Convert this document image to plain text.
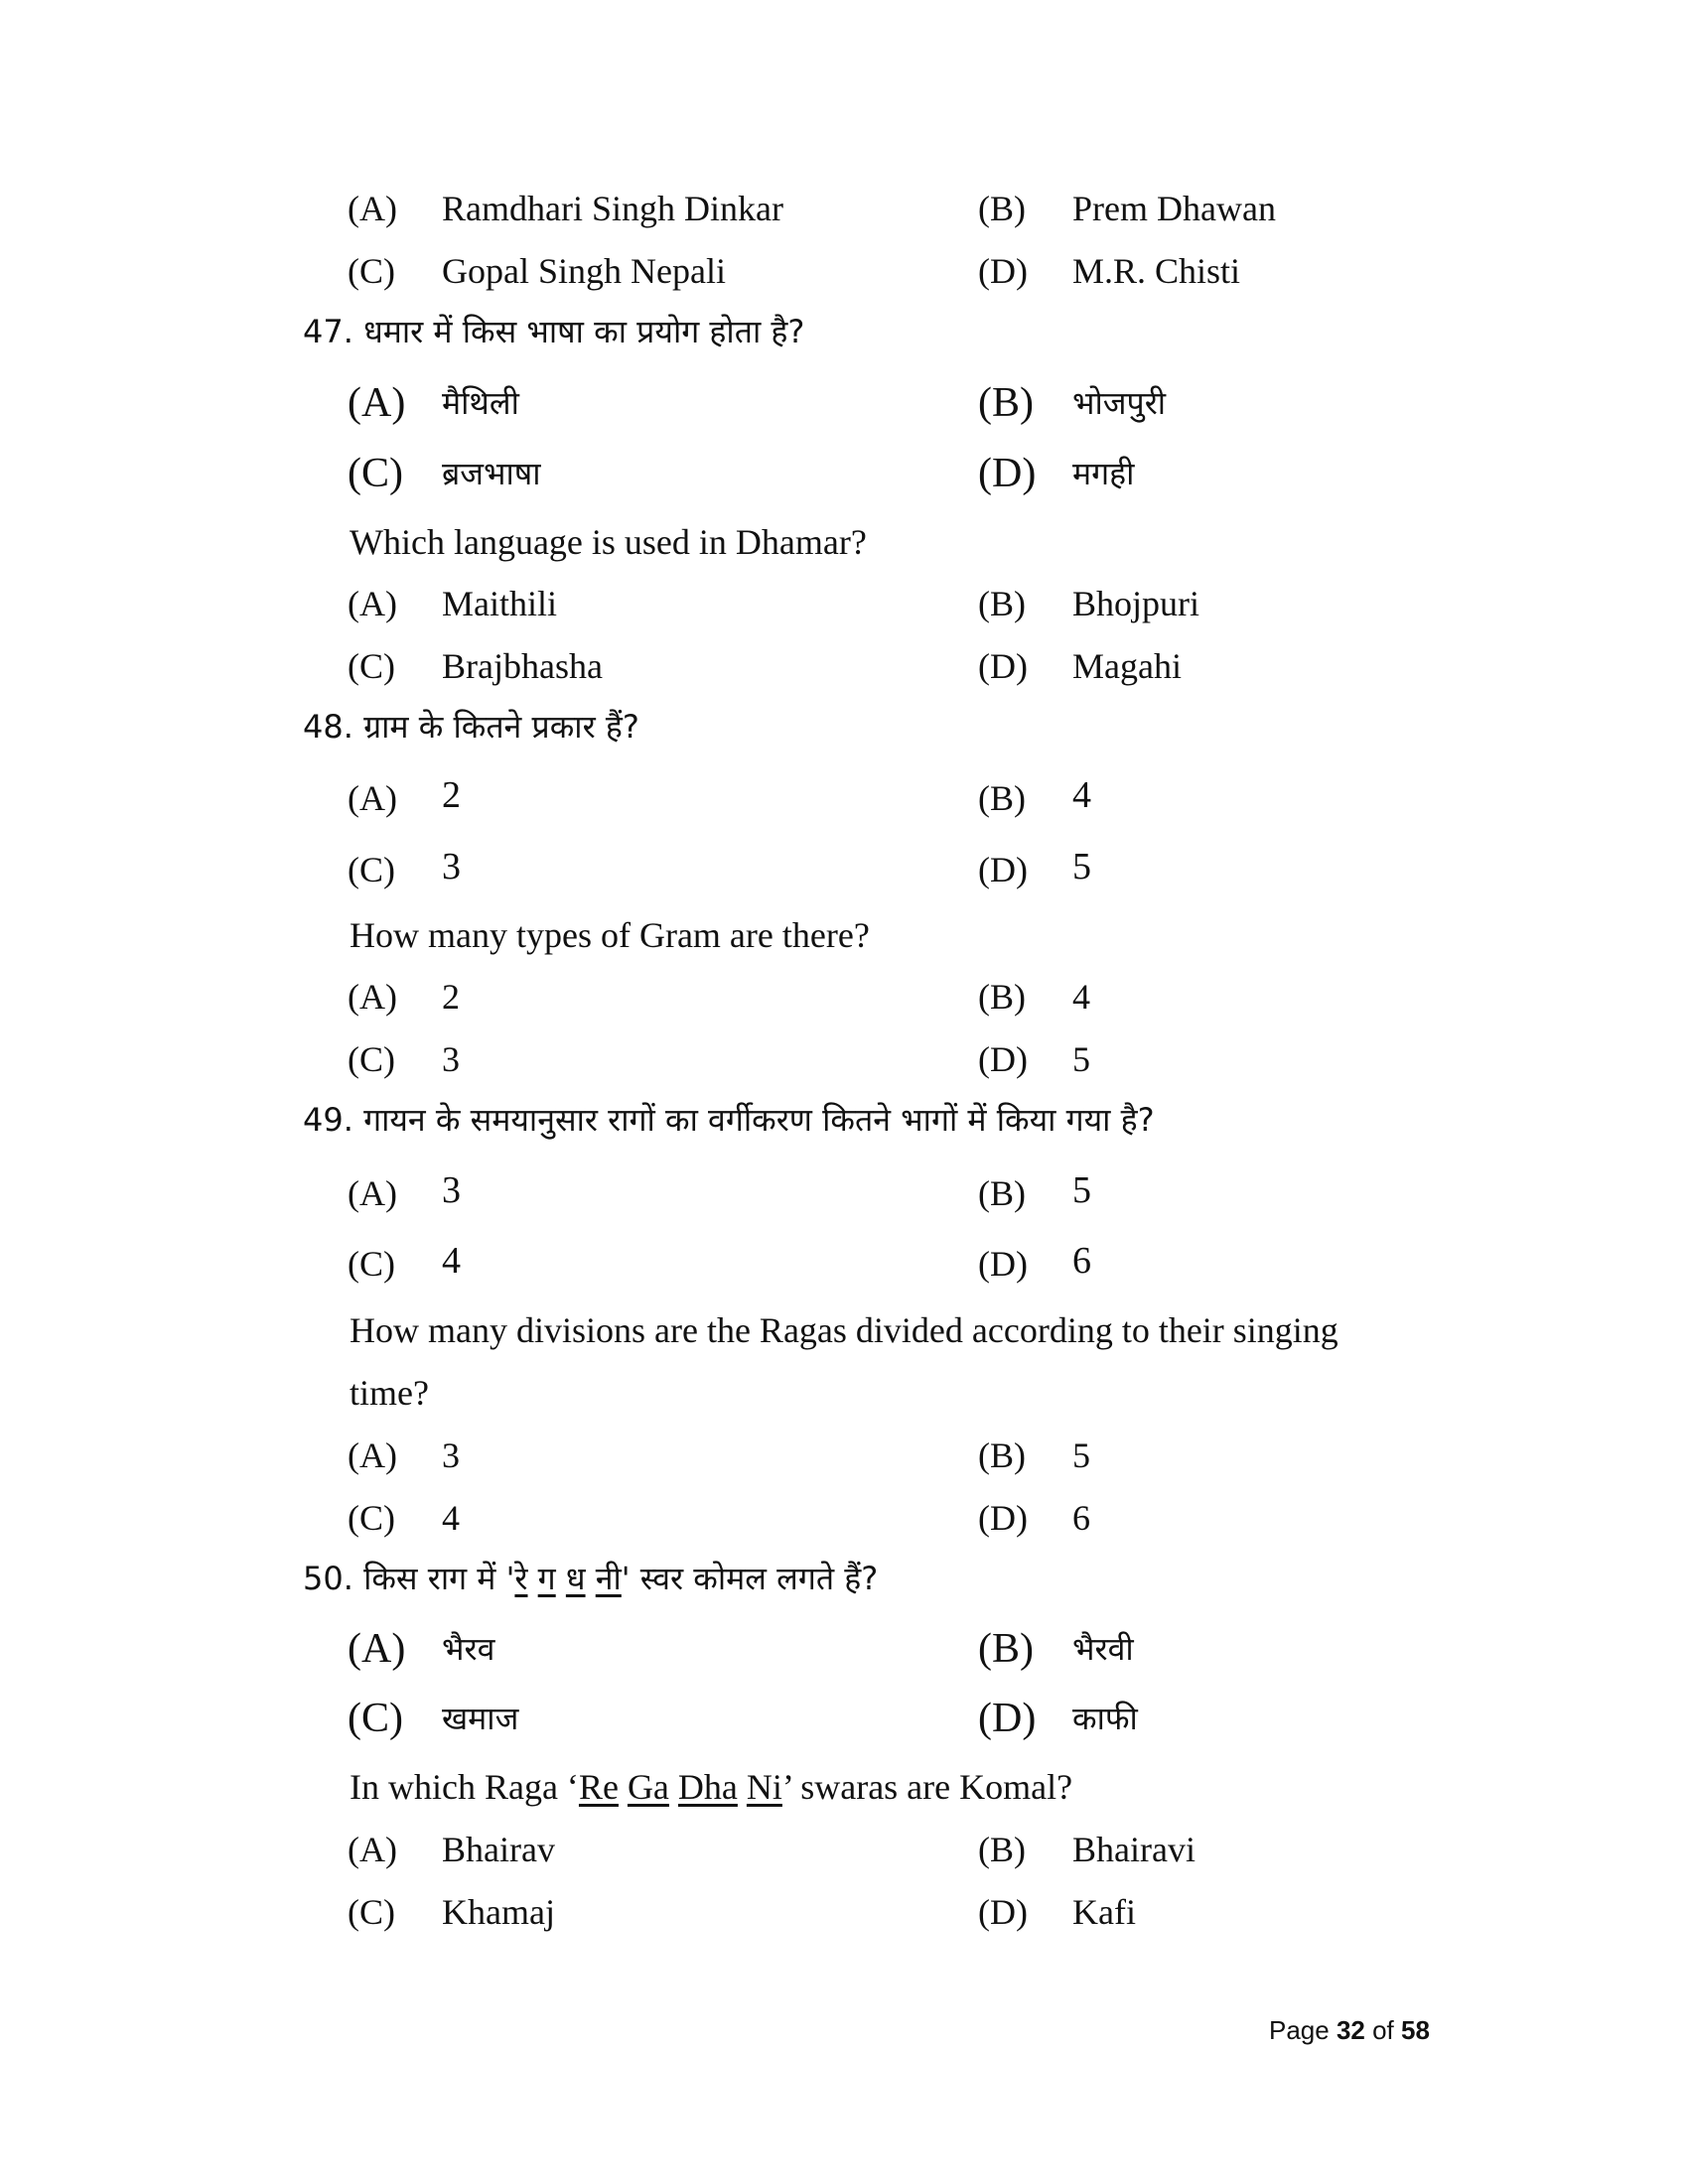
(A) Ramdhari Singh Dinkar	(B) Prem Dhawan
(C) Gopal Singh Nepali	(D) M.R. Chisti
47. धमार में किस भाषा का प्रयोग होता है?
(A) मैथिली	(B) भोजपुरी
(C) ब्रजभाषा	(D) मगही
Which language is used in Dhamar?
(A) Maithili	(B) Bhojpuri
(C) Brajbhasha	(D) Magahi
48. ग्राम के कितने प्रकार हैं?
(A) 2	(B) 4
(C) 3	(D) 5
How many types of Gram are there?
(A) 2	(B) 4
(C) 3	(D) 5
49. गायन के समयानुसार रागों का वर्गीकरण कितने भागों में किया गया है?
(A) 3	(B) 5
(C) 4	(D) 6
How many divisions are the Ragas divided according to their singing
time?
(A) 3	(B) 5
(C) 4	(D) 6
50. किस राग में 'रे ग ध नी' स्वर कोमल लगते हैं?
(A) भैरव	(B) भैरवी
(C) खमाज	(D) काफी
In which Raga ‘Re Ga Dha Ni’ swaras are Komal?
(A) Bhairav	(B) Bhairavi
(C) Khamaj	(D) Kafi
Page 32 of 58
